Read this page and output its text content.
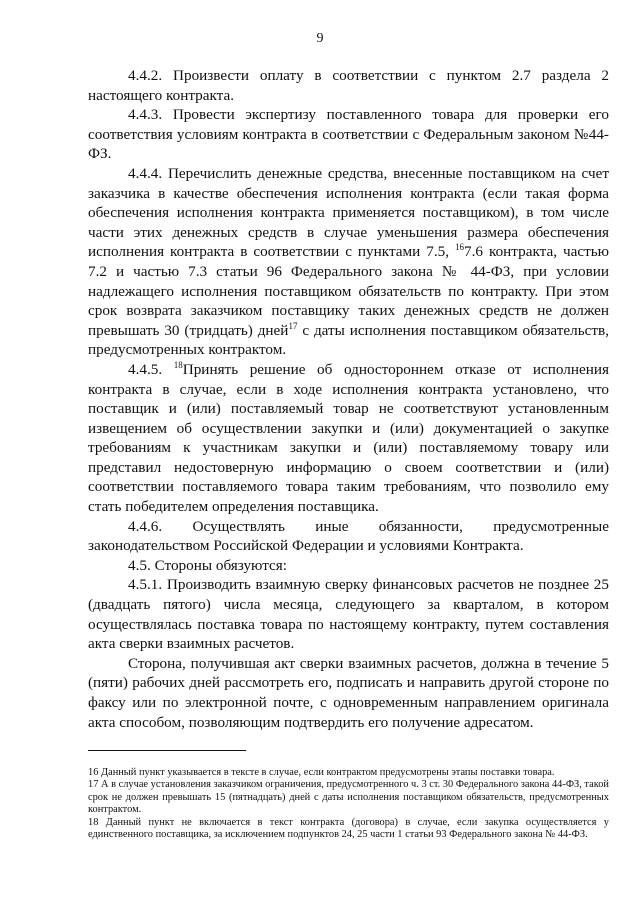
9

4.4.2. Произвести оплату в соответствии с пунктом 2.7 раздела 2 настоящего контракта.

4.4.3. Провести экспертизу поставленного товара для проверки его соответствия условиям контракта в соответствии с Федеральным законом №44-ФЗ.

4.4.4. Перечислить денежные средства, внесенные поставщиком на счет заказчика в качестве обеспечения исполнения контракта (если такая форма обеспечения исполнения контракта применяется поставщиком), в том числе части этих денежных средств в случае уменьшения размера обеспечения исполнения контракта в соответствии с пунктами 7.5, $^{16}$7.6 контракта, частью 7.2 и частью 7.3 статьи 96 Федерального закона № 44-ФЗ, при условии надлежащего исполнения поставщиком обязательств по контракту. При этом срок возврата заказчиком поставщику таких денежных средств не должен превышать 30 (тридцать) дней$^{17}$ с даты исполнения поставщиком обязательств, предусмотренных контрактом.

4.4.5. $^{18}$Принять решение об одностороннем отказе от исполнения контракта в случае, если в ходе исполнения контракта установлено, что поставщик и (или) поставляемый товар не соответствуют установленным извещением об осуществлении закупки и (или) документацией о закупке требованиям к участникам закупки и (или) поставляемому товару или представил недостоверную информацию о своем соответствии и (или) соответствии поставляемого товара таким требованиям, что позволило ему стать победителем определения поставщика.

4.4.6. Осуществлять иные обязанности, предусмотренные законодательством Российской Федерации и условиями Контракта.

4.5. Стороны обязуются:

4.5.1. Производить взаимную сверку финансовых расчетов не позднее 25 (двадцать пятого) числа месяца, следующего за кварталом, в котором осуществлялась поставка товара по настоящему контракту, путем составления акта сверки взаимных расчетов.

Сторона, получившая акт сверки взаимных расчетов, должна в течение 5 (пяти) рабочих дней рассмотреть его, подписать и направить другой стороне по факсу или по электронной почте, с одновременным направлением оригинала акта способом, позволяющим подтвердить его получение адресатом.

16 Данный пункт указывается в тексте в случае, если контрактом предусмотрены этапы поставки товара.

17 А в случае установления заказчиком ограничения, предусмотренного ч. 3 ст. 30 Федерального закона 44-ФЗ, такой срок не должен превышать 15 (пятнадцать) дней с даты исполнения поставщиком обязательств, предусмотренных контрактом.

18 Данный пункт не включается в текст контракта (договора) в случае, если закупка осуществляется у единственного поставщика, за исключением подпунктов 24, 25 части 1 статьи 93 Федерального закона № 44-ФЗ.
